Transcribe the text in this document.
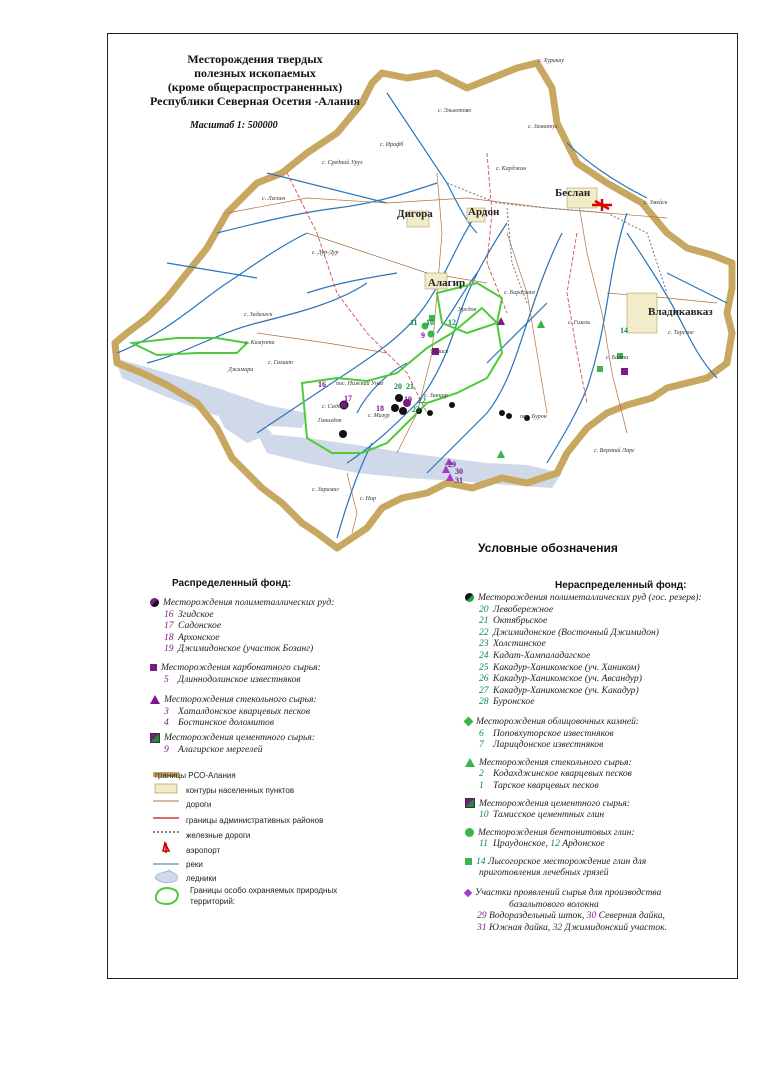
Беслан
Ардон
Дигора
Алагир
Владикавказ
с. Хурикау
с. Эльхотово
с. Змейск
с. Заманкул
с. Ирафб
с. Средний Урух
с. Лескен
с. Дур-Дур
с. Карджин
с. Бирагзанг
с. Гизель
с. Тарское
с. Балта
с. Верхний Ларс
с. Задалеск
с. Камунта
с. Галиат
с. Садон
с. Мизур
с. Зарамаг
с. Нар
пос. Нижний Унал
с. Зинцар
пос. Бурон
Ганиздон
Джимара
Урсдон
Тамиск
16
17
18
19
20 21
22
23
29
30
31
11	12
10
14
9
Месторождения твердых
полезных ископаемых
(кроме общераспространенных)
Республики Северная Осетия -Алания
Масштаб 1: 500000
Условные обозначения
Распределенный фонд:	Нераспределенный фонд:
Месторождения полиметаллических руд:
16 Згидское
17 Садонское
18 Архонское
19 Джимидонское (участок Бозанг)
Месторождения карбонатного сырья:
5 Длиннодолинское известняков
Месторождения стекольного сырья:
3 Хаталдонское кварцевых песков
4 Бостинское доломитов
Месторождения цементного сырья:
9 Алагирское мергелей
границы РСО-Алания
контуры населенных пунктов
дороги
границы административных районов
железные дороги
аэропорт
реки
ледники
Границы особо охраняемых природных
территорий:
Месторождения полиметаллических руд (гос. резерв):
20 Левобережное
21 Октябрьское
22 Джимидонское (Восточный Джимидон)
23 Холстинское
24 Кадат-Хампаладагское
25 Какадур-Ханикомское (уч. Хаником)
26 Какадур-Ханикомское (уч. Авсандур)
27 Какадур-Ханикомское (уч. Какадур)
28 Буронское
Месторождения облицовочных камней:
6 Поповхуторское известняков
7 Ларицдонское известняков
Месторождения стекольного сырья:
2 Кодахджинское кварцевых песков
1 Тарское кварцевых песков
Месторождения цементного сырья:
10 Тамисское цементных глин
Месторождения бентонитовых глин:
11 Цраудонское, 12 Ардонское
14 Лысогорское месторождение глин для
приготовления лечебных грязей
Участки проявлений сырья для производства
базальтового волокна
29 Водораздельный шток, 30 Северная дайка,
31 Южная дайка, 32 Джимидонский участок.
